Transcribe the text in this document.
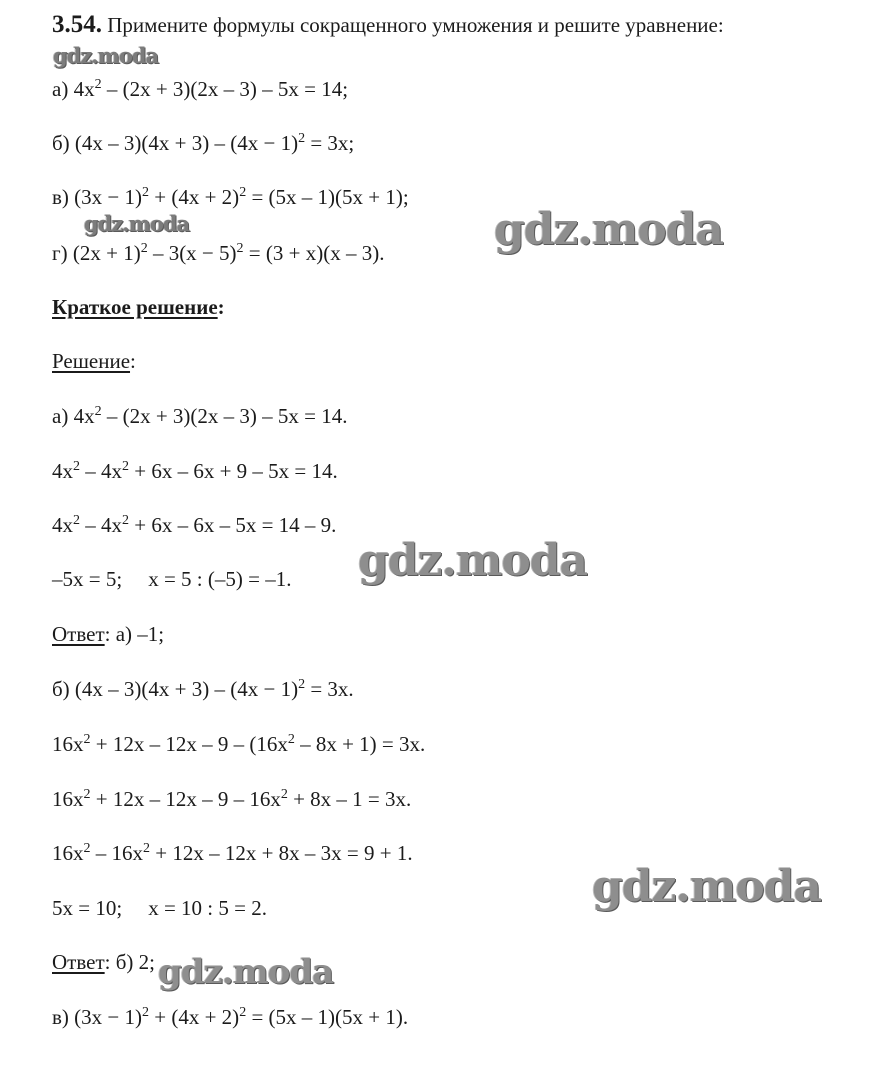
3.54. Примените формулы сокращенного умножения и решите уравнение:
gdz.moda
а) $4x^2 - (2x + 3)(2x - 3) - 5x = 14$;
б) $(4x - 3)(4x + 3) - (4x - 1)^2 = 3x$;
в) $(3x - 1)^2 + (4x + 2)^2 = (5x - 1)(5x + 1)$;
gdz.moda
г) $(2x + 1)^2 - 3(x - 5)^2 = (3 + x)(x - 3)$. gdz.moda
Краткое решение:
Решение:
а) $4x^2 - (2x + 3)(2x - 3) - 5x = 14$.
$4x^2 - 4x^2 + 6x - 6x + 9 - 5x = 14$.
$4x^2 - 4x^2 + 6x - 6x - 5x = 14 - 9$.
–5x = 5; x = 5 : (–5) = –1. gdz.moda
Ответ: а) –1;
б) $(4x - 3)(4x + 3) - (4x - 1)^2 = 3x$.
$16x^2 + 12x - 12x - 9 - (16x^2 - 8x + 1) = 3x$.
$16x^2 + 12x - 12x - 9 - 16x^2 + 8x - 1 = 3x$.
$16x^2 - 16x^2 + 12x - 12x + 8x - 3x = 9 + 1$.
gdz.moda
5x = 10; x = 10 : 5 = 2.
Ответ: б) 2; gdz.moda
в) $(3x - 1)^2 + (4x + 2)^2 = (5x - 1)(5x + 1)$.
